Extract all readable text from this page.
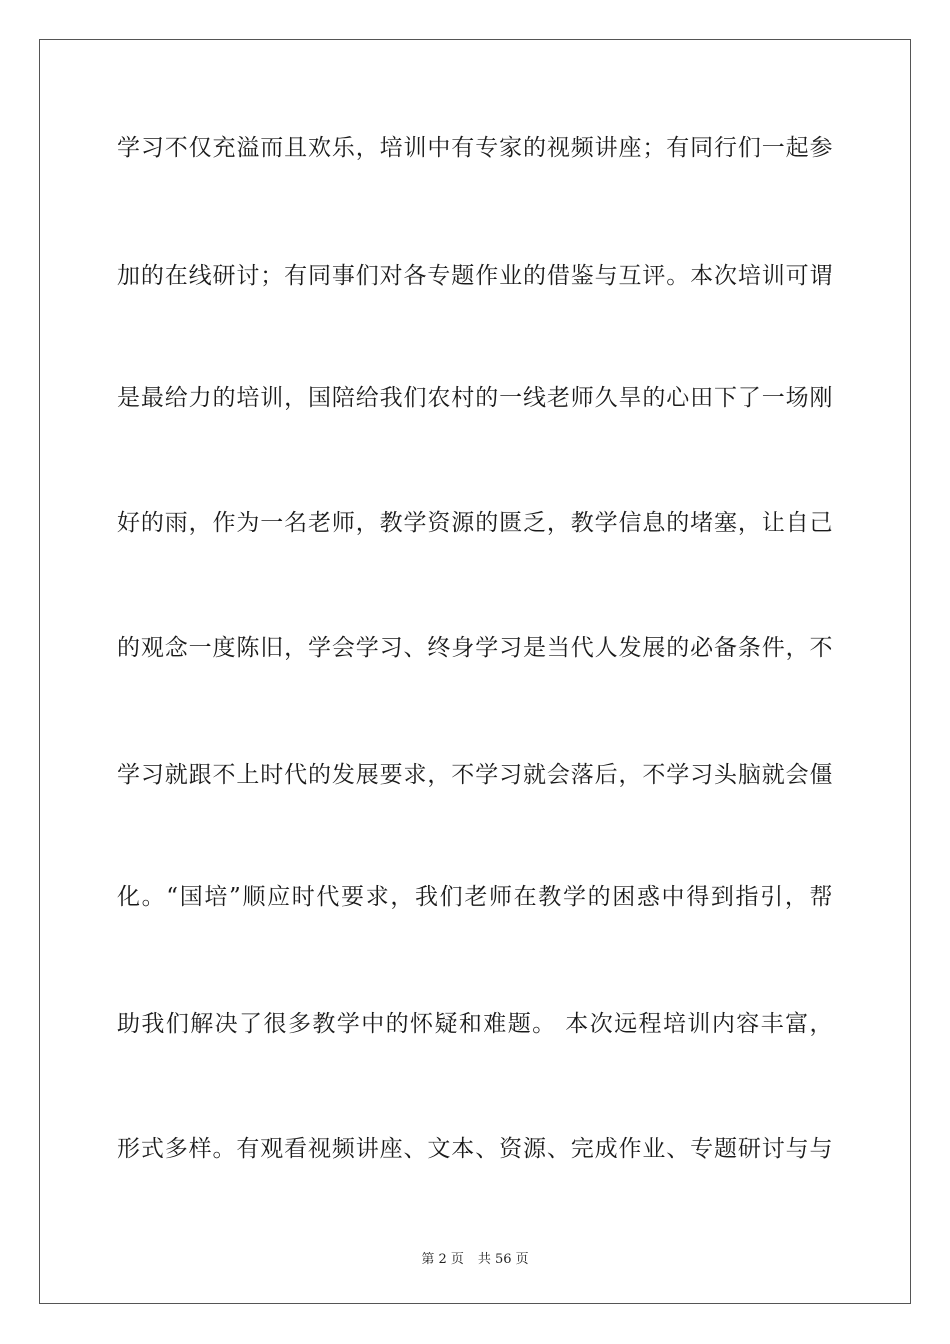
学习不仅充溢而且欢乐，培训中有专家的视频讲座；有同行们一起参
加的在线研讨；有同事们对各专题作业的借鉴与互评。本次培训可谓
是最给力的培训，国陪给我们农村的一线老师久旱的心田下了一场刚
好的雨，作为一名老师，教学资源的匮乏，教学信息的堵塞，让自己
的观念一度陈旧，学会学习、终身学习是当代人发展的必备条件，不
学习就跟不上时代的发展要求，不学习就会落后，不学习头脑就会僵
化。“国培”顺应时代要求，我们老师在教学的困惑中得到指引，帮
助我们解决了很多教学中的怀疑和难题。 本次远程培训内容丰富，
形式多样。有观看视频讲座、文本、资源、完成作业、专题研讨与与
第 2 页 共 56 页
